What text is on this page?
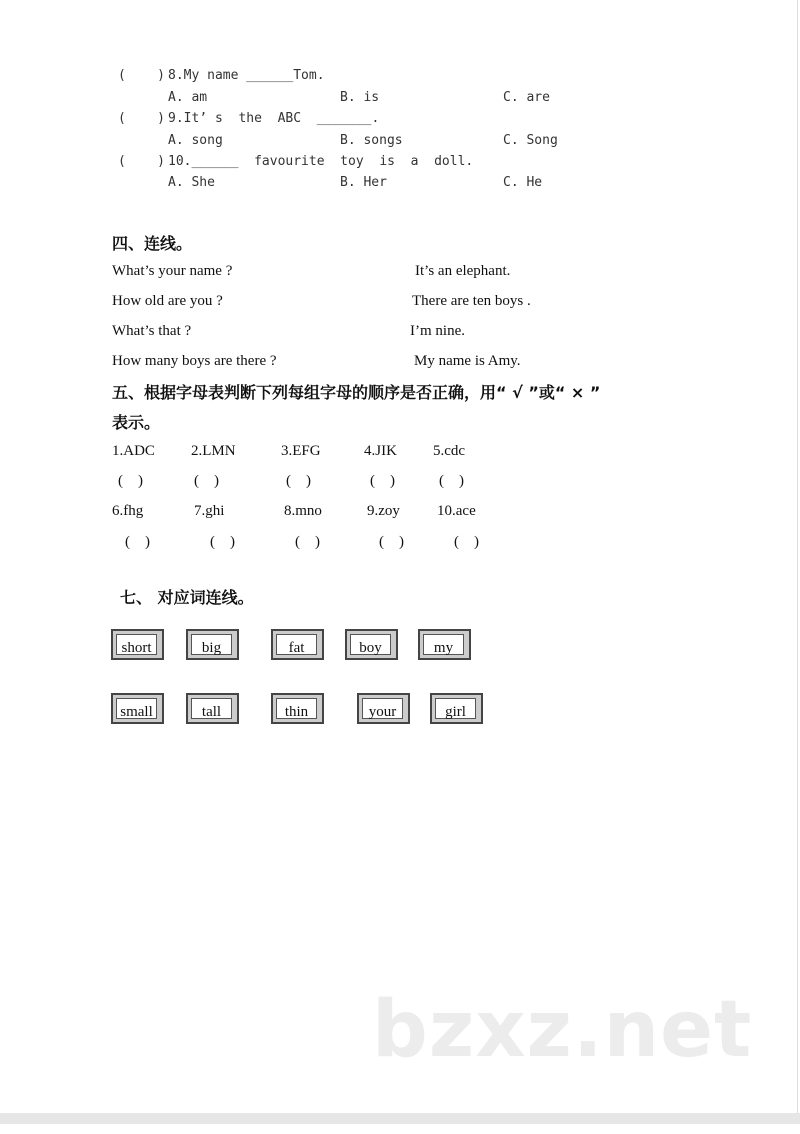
(    ) 8.My name ______Tom.
A. am	B. is	C. are
(    ) 9.It’ s  the  ABC  _______.
A. song	B. songs	C. Song
(    ) 10.______  favourite  toy  is  a  doll.
A. She	B. Her	C. He
四、连线。
What’s your name ?
How old are you ?
What’s that ?
How many boys are there ?
It’s an elephant.
There are ten boys .
I’m nine.
My name is Amy.
五、根据字母表判断下列每组字母的顺序是否正确，用“ √ ”或“ × ”
表示。
1.ADC 2.LMN	3.EFG	4.JIK 5.cdc
(    )	(    )	(    )	(    )	(    )
6.fhg	7.ghi	8.mno	9.zoy 10.ace
(    )	(    )	(    )	(    )	(    )
七、 对应词连线。
short	big	fat	boy	my
small	tall	thin	your	girl
bzxz.net
